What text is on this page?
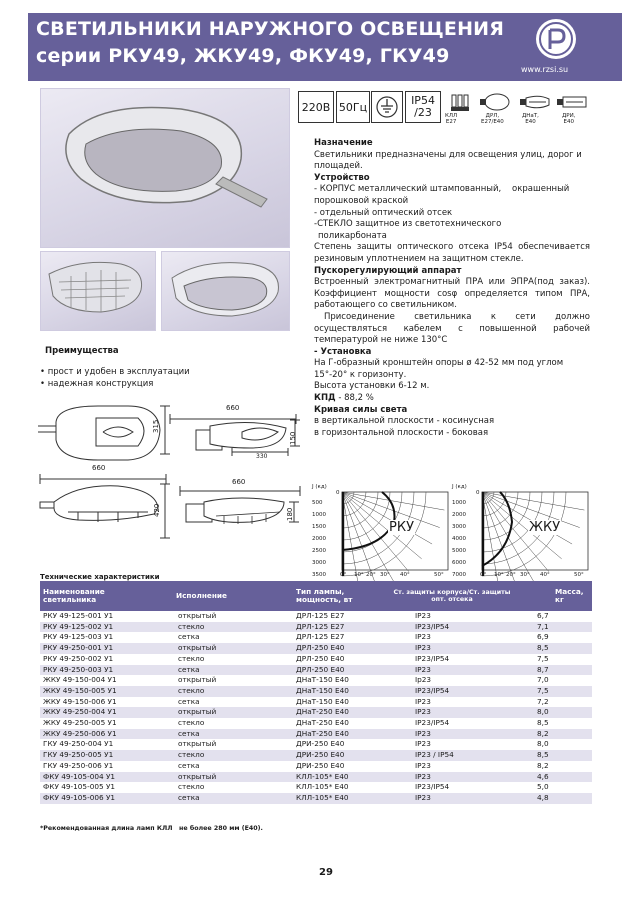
СВЕТИЛЬНИКИ НАРУЖНОГО ОСВЕЩЕНИЯ
серии РКУ49, ЖКУ49, ФКУ49, ГКУ49
www.rzsi.su
220В 50Гц	IP54
/23 КЛЛ
Е27
ДРЛ,
Е27/Е40
ДНаТ,
Е40
ДРИ,
Е40

Назначение

Светильники предназначены для освещения улиц, дорог и площадей.

Устройство

- КОРПУС металлический штампованный,    окрашенный порошковой краской

- отдельный оптический отсек

-СТЕКЛО защитное из светотехнического

поликарбоната

Степень защиты оптического отсека IP54 обеспечивается резиновым уплотнением на защитном стекле.

Пускорегулирующий аппарат

Встроенный электромагнитный ПРА или ЭПРА(под заказ). Коэффициент мощности cosφ определяется типом ПРА, работающего со светильником.

Присоединение светильника к сети должно осуществляться кабелем с повышенной рабочей температурой не ниже 130°С

- Установка

На Г-образный кронштейн опоры ø 42-52 мм под углом 15°-20° к горизонту.

Высота установки 6-12 м.

КПД - 88,2 %

Кривая силы света

в вертикальной плоскости - косинусная

в горизонтальной плоскости - боковая

Преимущества
• прост и удобен в эксплуатации
• надежная конструкция
315
660
660
150
330
420
660
180
J (кд)
0
500
1000
1500
2000
2500
3000
3500	0° 10° 20° 30° 40°	50°
РКУ
J (кд)
0
1000
2000
3000
4000
5000
6000
7000	0° 10° 20° 30° 40°	50°
ЖКУ
Технические характеристики
Наименование светильника	Исполнение	Тип лампы, мощность, вт	Ст. защиты корпуса/Ст. защиты опт. отсека	Масса, кг
РКУ 49-125-001 У1	открытый	ДРЛ-125 Е27	IP23	6,7
РКУ 49-125-002 У1	стекло	ДРЛ-125 Е27	IP23/IP54	7,1
РКУ 49-125-003 У1	сетка	ДРЛ-125 Е27	IP23	6,9
РКУ 49-250-001 У1	открытый	ДРЛ-250 Е40	IP23	8,5
РКУ 49-250-002 У1	стекло	ДРЛ-250 Е40	IP23/IP54	7,5
РКУ 49-250-003 У1	сетка	ДРЛ-250 Е40	IP23	8,7
ЖКУ 49-150-004 У1	открытый	ДНаТ-150 Е40	Ip23	7,0
ЖКУ 49-150-005 У1	стекло	ДНаТ-150 Е40	IP23/IP54	7,5
ЖКУ 49-150-006 У1	сетка	ДНаТ-150 Е40	IP23	7,2
ЖКУ 49-250-004 У1	открытый	ДНаТ-250 Е40	IP23	8,0
ЖКУ 49-250-005 У1	стекло	ДНаТ-250 Е40	IP23/IP54	8,5
ЖКУ 49-250-006 У1	сетка	ДНаТ-250 Е40	IP23	8,2
ГКУ 49-250-004 У1	открытый	ДРИ-250 Е40	IP23	8,0
ГКУ 49-250-005 У1	стекло	ДРИ-250 Е40	IP23 / IP54	8,5
ГКУ 49-250-006 У1	сетка	ДРИ-250 Е40	IP23	8,2
ФКУ 49-105-004 У1	открытый	КЛЛ-105* Е40	IP23	4,6
ФКУ 49-105-005 У1	стекло	КЛЛ-105* Е40	IP23/IP54	5,0
ФКУ 49-105-006 У1	сетка	КЛЛ-105* Е40	IP23	4,8
*Рекомендованная длина ламп КЛЛ   не более 280 мм (Е40).
29
